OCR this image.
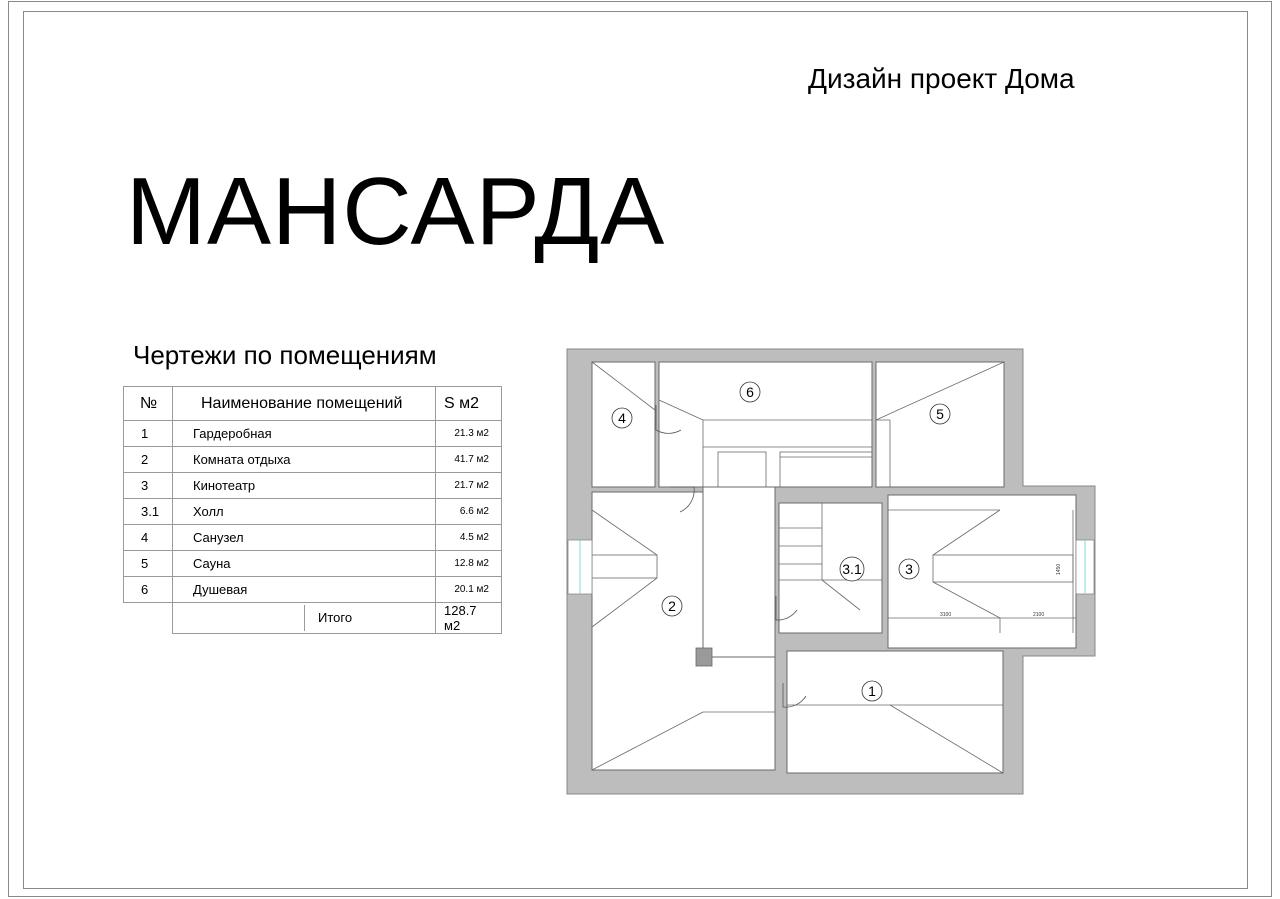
Дизайн проект Дома
МАНСАРДА
Чертежи по помещениям
№	Наименование помещений	S м2
1	Гардеробная	21.3 м2
2	Комната отдыха	41.7 м2
3	Кинотеатр	21.7 м2
3.1	Холл	6.6 м2
4	Санузел	4.5 м2
5	Сауна	12.8 м2
6	Душевая	20.1 м2

	Итого	128.7 м2
3100	2100
1450
4
6
5
2
3.1	3
1
